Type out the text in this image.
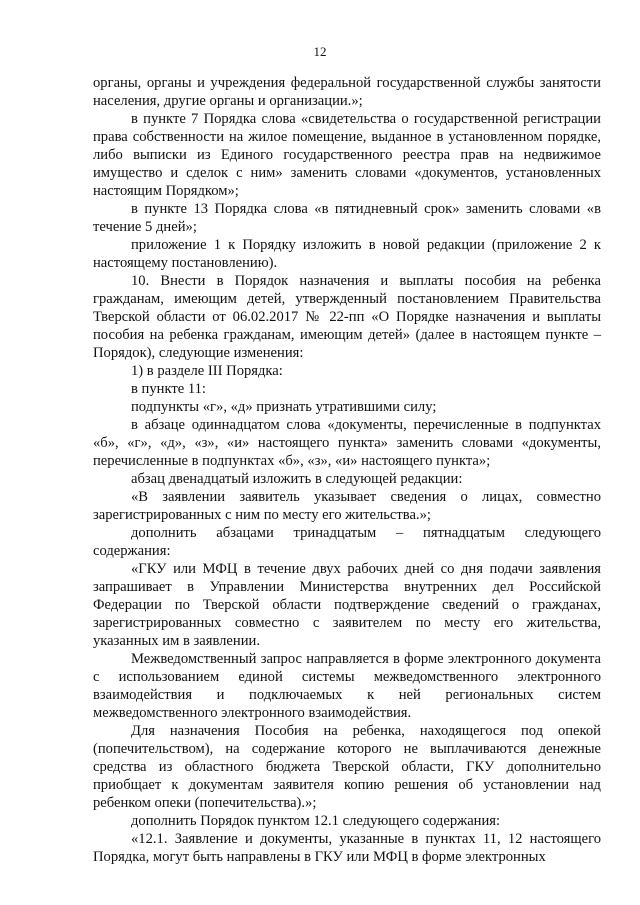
12

органы, органы и учреждения федеральной государственной службы занятости населения, другие органы и организации.»;

в пункте 7 Порядка слова «свидетельства о государственной регистрации права собственности на жилое помещение, выданное в установленном порядке, либо выписки из Единого государственного реестра прав на недвижимое имущество и сделок с ним» заменить словами «документов, установленных настоящим Порядком»;

в пункте 13 Порядка слова «в пятидневный срок» заменить словами «в течение 5 дней»;

приложение 1 к Порядку изложить в новой редакции (приложение 2 к настоящему постановлению).

10. Внести в Порядок назначения и выплаты пособия на ребенка гражданам, имеющим детей, утвержденный постановлением Правительства Тверской области от 06.02.2017 № 22-пп «О Порядке назначения и выплаты пособия на ребенка гражданам, имеющим детей» (далее в настоящем пункте – Порядок), следующие изменения:

1) в разделе III Порядка:

в пункте 11:

подпункты «г», «д» признать утратившими силу;

в абзаце одиннадцатом слова «документы, перечисленные в подпунктах «б», «г», «д», «з», «и» настоящего пункта» заменить словами «документы, перечисленные в подпунктах «б», «з», «и» настоящего пункта»;

абзац двенадцатый изложить в следующей редакции:

«В заявлении заявитель указывает сведения о лицах, совместно зарегистрированных с ним по месту его жительства.»;

дополнить абзацами тринадцатым – пятнадцатым следующего содержания:

«ГКУ или МФЦ в течение двух рабочих дней со дня подачи заявления запрашивает в Управлении Министерства внутренних дел Российской Федерации по Тверской области подтверждение сведений о гражданах, зарегистрированных совместно с заявителем по месту его жительства, указанных им в заявлении.

Межведомственный запрос направляется в форме электронного документа с использованием единой системы межведомственного электронного взаимодействия и подключаемых к ней региональных систем межведомственного электронного взаимодействия.

Для назначения Пособия на ребенка, находящегося под опекой (попечительством), на содержание которого не выплачиваются денежные средства из областного бюджета Тверской области, ГКУ дополнительно приобщает к документам заявителя копию решения об установлении над ребенком опеки (попечительства).»;

дополнить Порядок пунктом 12.1 следующего содержания:

«12.1. Заявление и документы, указанные в пунктах 11, 12 настоящего Порядка, могут быть направлены в ГКУ или МФЦ в форме электронных
